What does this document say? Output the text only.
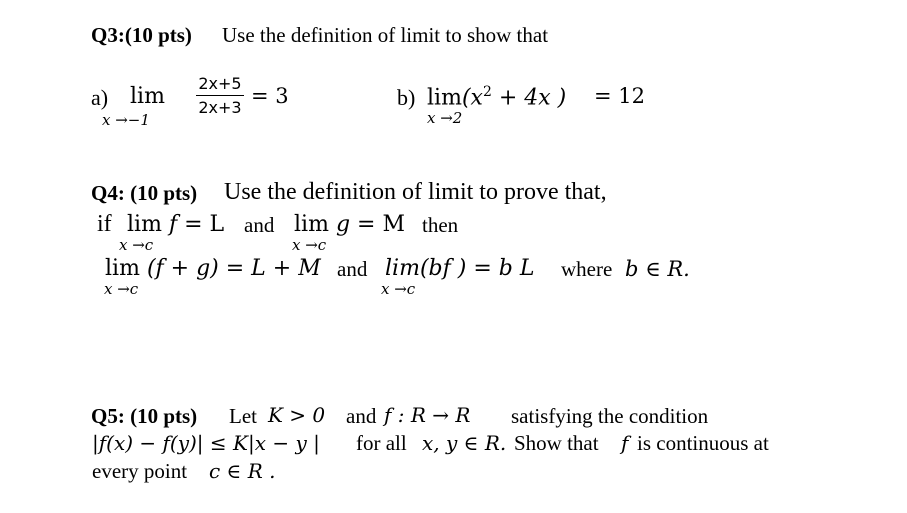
Q3:(10 pts) Use the definition of limit to show that
a) lim
x →−1
2x+5
2x+3 = 3	b) $\lim(x^2 + 4x$ )
x →2
= 12
Q4: (10 pts) Use the definition of limit to prove that,
if lim f = L
x →c
and lim g = M
x →c
then
lim (f + g) = L + M
x →c
and lim(bf ) = b L
x →c
where b ∈ R.
Q5: (10 pts) Let K > 0 and f : R → R satisfying the condition
|f(x) − f(y)| ≤ K|x − y | for all x, y ∈ R. Show that f is continuous at
every point c ∈ R .
